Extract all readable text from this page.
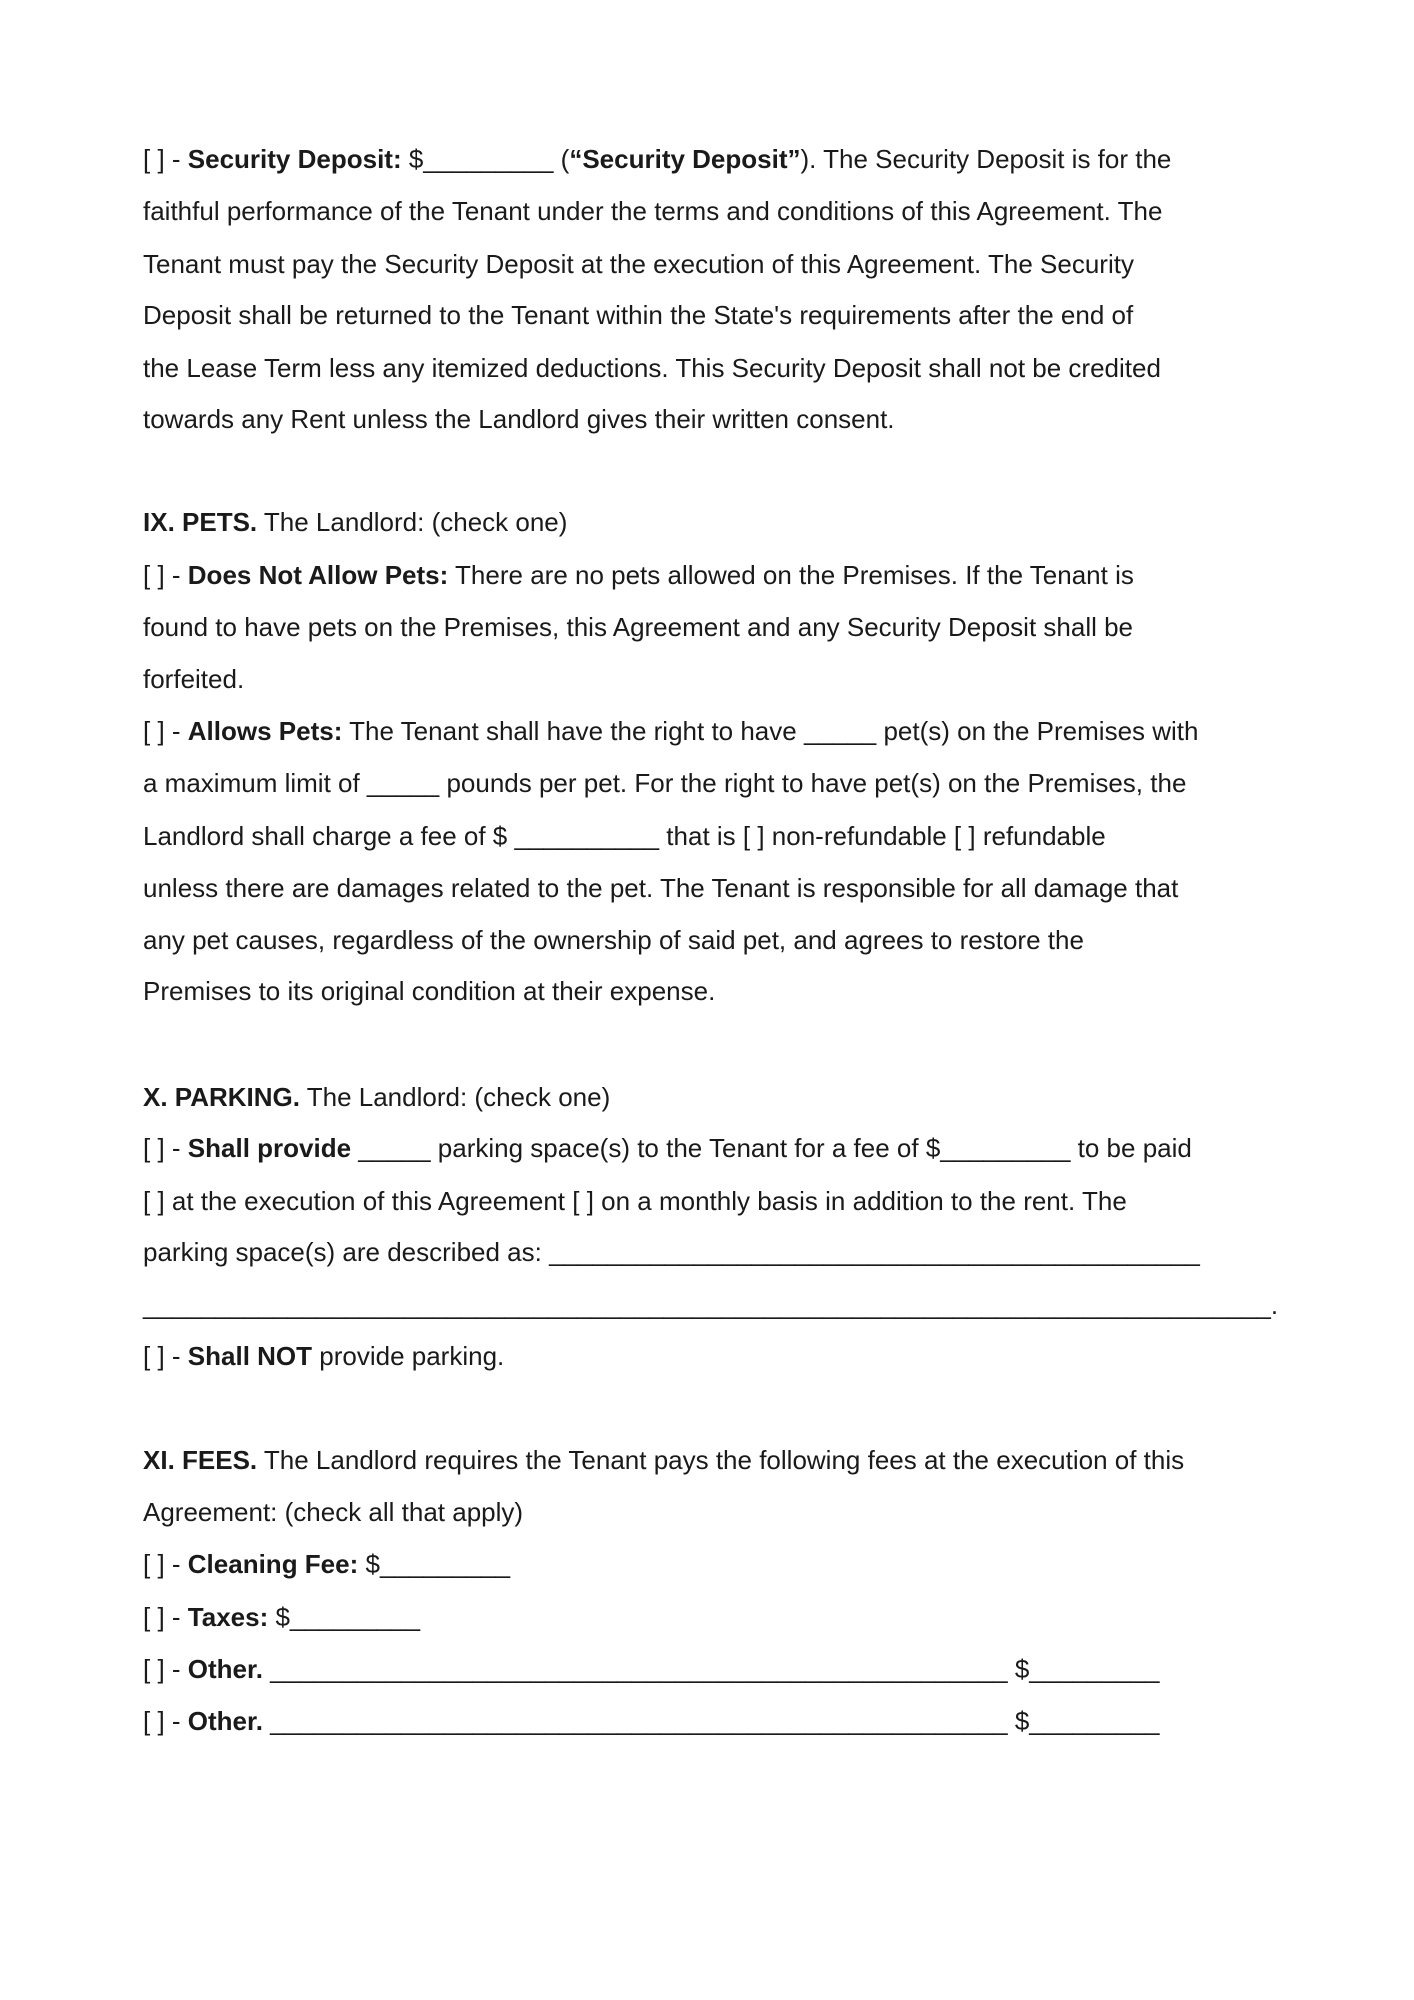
[ ] - Security Deposit: $_________ (“Security Deposit”). The Security Deposit is for the
faithful performance of the Tenant under the terms and conditions of this Agreement. The
Tenant must pay the Security Deposit at the execution of this Agreement. The Security
Deposit shall be returned to the Tenant within the State's requirements after the end of
the Lease Term less any itemized deductions. This Security Deposit shall not be credited
towards any Rent unless the Landlord gives their written consent.
IX. PETS. The Landlord: (check one)
[ ] - Does Not Allow Pets: There are no pets allowed on the Premises. If the Tenant is
found to have pets on the Premises, this Agreement and any Security Deposit shall be
forfeited.
[ ] - Allows Pets: The Tenant shall have the right to have _____ pet(s) on the Premises with
a maximum limit of _____ pounds per pet. For the right to have pet(s) on the Premises, the
Landlord shall charge a fee of $ __________ that is [ ] non-refundable [ ] refundable
unless there are damages related to the pet. The Tenant is responsible for all damage that
any pet causes, regardless of the ownership of said pet, and agrees to restore the
Premises to its original condition at their expense.
X. PARKING. The Landlord: (check one)
[ ] - Shall provide _____ parking space(s) to the Tenant for a fee of $_________ to be paid
[ ] at the execution of this Agreement [ ] on a monthly basis in addition to the rent. The
parking space(s) are described as: _____________________________________________
______________________________________________________________________________.
[ ] - Shall NOT provide parking.
XI. FEES. The Landlord requires the Tenant pays the following fees at the execution of this
Agreement: (check all that apply)
[ ] - Cleaning Fee: $_________
[ ] - Taxes: $_________
[ ] - Other. ___________________________________________________ $_________
[ ] - Other. ___________________________________________________ $_________
